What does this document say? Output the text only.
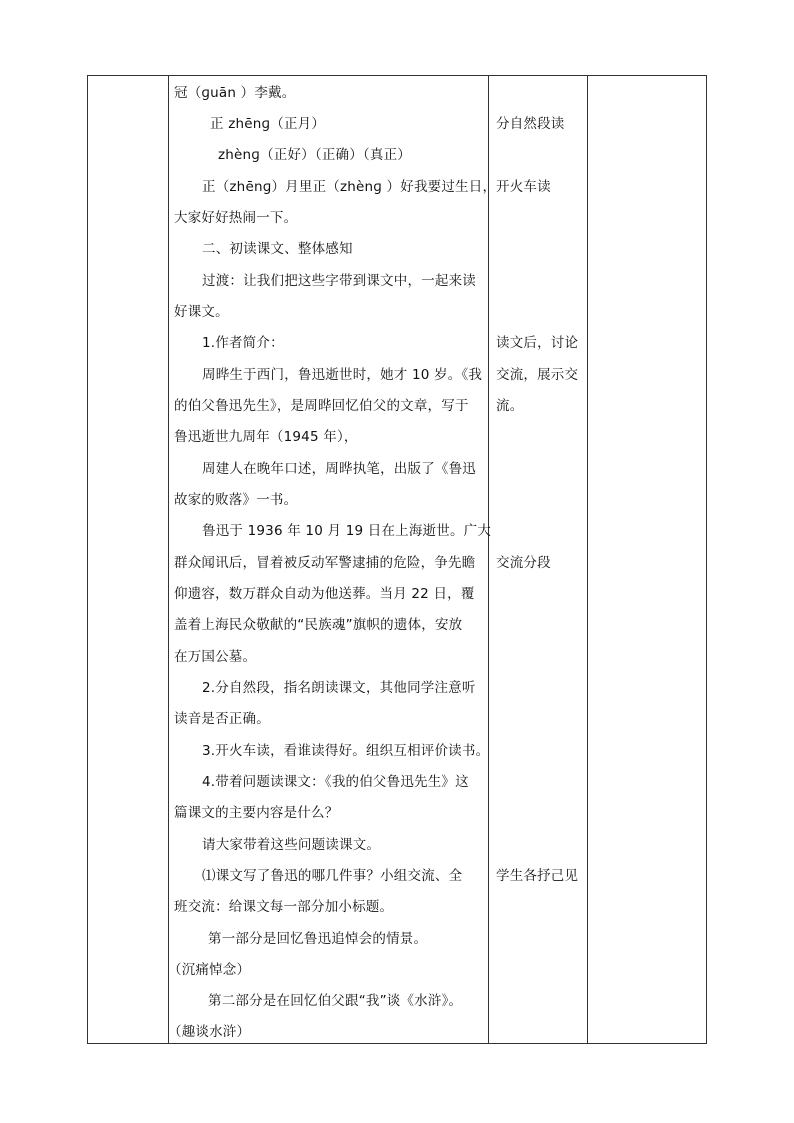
冠（ɡuān ）李戴。
正 zhēnɡ（正月）
zhènɡ（正好）（正确）（真正）
正（zhēnɡ）月里正（zhènɡ ）好我要过生日，
大家好好热闹一下。
二、初读课文、整体感知
过渡：让我们把这些字带到课文中，一起来读
好课文。
1.作者简介：
周晔生于西门，鲁迅逝世时，她才 10 岁。《我
的伯父鲁迅先生》，是周晔回忆伯父的文章，写于
鲁迅逝世九周年（1945 年），
周建人在晚年口述，周晔执笔，出版了《鲁迅
故家的败落》一书。
鲁迅于 1936 年 10 月 19 日在上海逝世。广大
群众闻讯后，冒着被反动军警逮捕的危险，争先瞻
仰遗容，数万群众自动为他送葬。当月 22 日，覆
盖着上海民众敬献的“民族魂”旗帜的遗体，安放
在万国公墓。
2.分自然段，指名朗读课文，其他同学注意听
读音是否正确。
3.开火车读，看谁读得好。组织互相评价读书。
4.带着问题读课文：《我的伯父鲁迅先生》这
篇课文的主要内容是什么？
请大家带着这些问题读课文。
⑴课文写了鲁迅的哪几件事？小组交流、全
班交流：给课文每一部分加小标题。
第一部分是回忆鲁迅追悼会的情景。
（沉痛悼念）
第二部分是在回忆伯父跟“我”谈《水浒》。
（趣谈水浒）
分自然段读
开火车读
读文后，讨论
交流，展示交
流。
交流分段
学生各抒己见
